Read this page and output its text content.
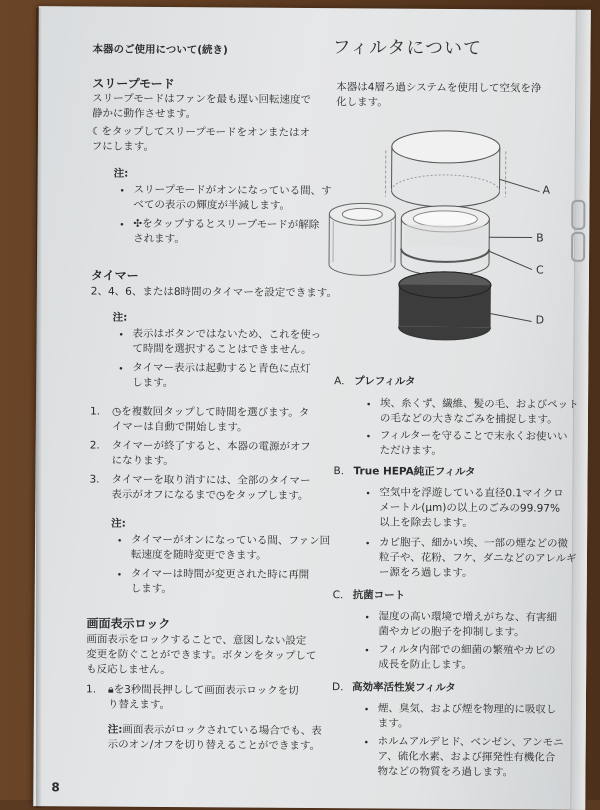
本器のご使用について(続き)
スリープモード
スリープモードはファンを最も遅い回転速度で
静かに動作させます。
☾をタップしてスリープモードをオンまたはオ
フにします。
注:
• スリープモードがオンになっている間、す
べての表示の輝度が半減します。
• ✣をタップするとスリープモードが解除
されます。
タイマー
2、4、6、または8時間のタイマーを設定できます。
注:
• 表示はボタンではないため、これを使っ
て時間を選択することはできません。
• タイマー表示は起動すると青色に点灯
します。
1. ◷を複数回タップして時間を選びます。タ
イマーは自動で開始します。
2. タイマーが終了すると、本器の電源がオフ
になります。
3. タイマーを取り消すには、全部のタイマー
表示がオフになるまで◷をタップします。
注:
• タイマーがオンになっている間、ファン回
転速度を随時変更できます。
• タイマーは時間が変更された時に再開
します。
画面表示ロック
画面表示をロックすることで、意図しない設定
変更を防ぐことができます。ボタンをタップして
も反応しません。
1. 🔒︎を3秒間長押しして画面表示ロックを切
り替えます。
注:画面表示がロックされている場合でも、表
示のオン/オフを切り替えることができます。
8
フィルタについて
本器は4層ろ過システムを使用して空気を浄
化します。
A
B
C
D
A. プレフィルタ
• 埃、糸くず、繊維、髪の毛、およびペット
の毛などの大きなごみを捕捉します。
• フィルターを守ることで末永くお使いい
ただけます。
B. True HEPA純正フィルタ
• 空気中を浮遊している直径0.1マイクロ
メートル(μm)の以上のごみの99.97%
以上を除去します。
• カビ胞子、細かい埃、一部の煙などの微
粒子や、花粉、フケ、ダニなどのアレルギ
ー源をろ過します。
C. 抗菌コート
• 湿度の高い環境で増えがちな、有害細
菌やカビの胞子を抑制します。
• フィルタ内部での細菌の繁殖やカビの
成長を防止します。
D. 高効率活性炭フィルタ
• 煙、臭気、および煙を物理的に吸収し
ます。
• ホルムアルデヒド、ベンゼン、アンモニ
ア、硫化水素、および揮発性有機化合
物などの物質をろ過します。
